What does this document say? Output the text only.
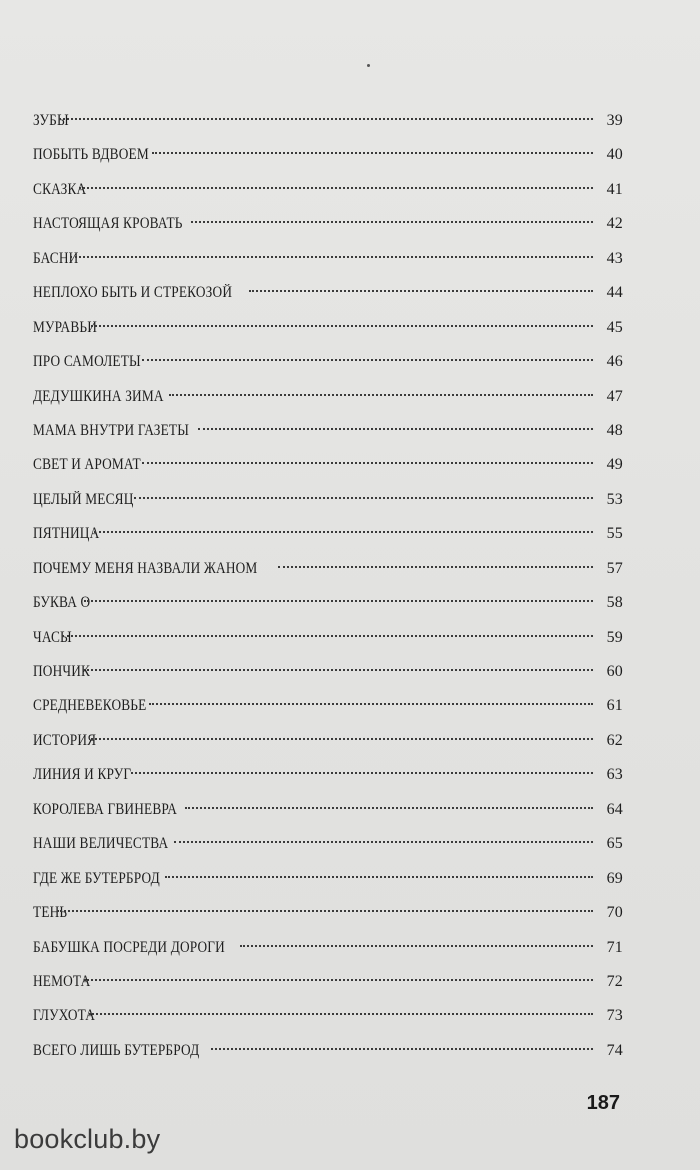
ЗУБЫ	39
ПОБЫТЬ ВДВОЕМ	40
СКАЗКА	41
НАСТОЯЩАЯ КРОВАТЬ	42
БАСНИ	43
НЕПЛОХО БЫТЬ И СТРЕКОЗОЙ	44
МУРАВЬИ	45
ПРО САМОЛЕТЫ	46
ДЕДУШКИНА ЗИМА	47
МАМА ВНУТРИ ГАЗЕТЫ	48
СВЕТ И АРОМАТ	49
ЦЕЛЫЙ МЕСЯЦ	53
ПЯТНИЦА	55
ПОЧЕМУ МЕНЯ НАЗВАЛИ ЖАНОМ	57
БУКВА О	58
ЧАСЫ	59
ПОНЧИК	60
СРЕДНЕВЕКОВЬЕ	61
ИСТОРИЯ	62
ЛИНИЯ И КРУГ	63
КОРОЛЕВА ГВИНЕВРА	64
НАШИ ВЕЛИЧЕСТВА	65
ГДЕ ЖЕ БУТЕРБРОД	69
ТЕНЬ	70
БАБУШКА ПОСРЕДИ ДОРОГИ	71
НЕМОТА	72
ГЛУХОТА	73
ВСЕГО ЛИШЬ БУТЕРБРОД	74
187
bookclub.by
